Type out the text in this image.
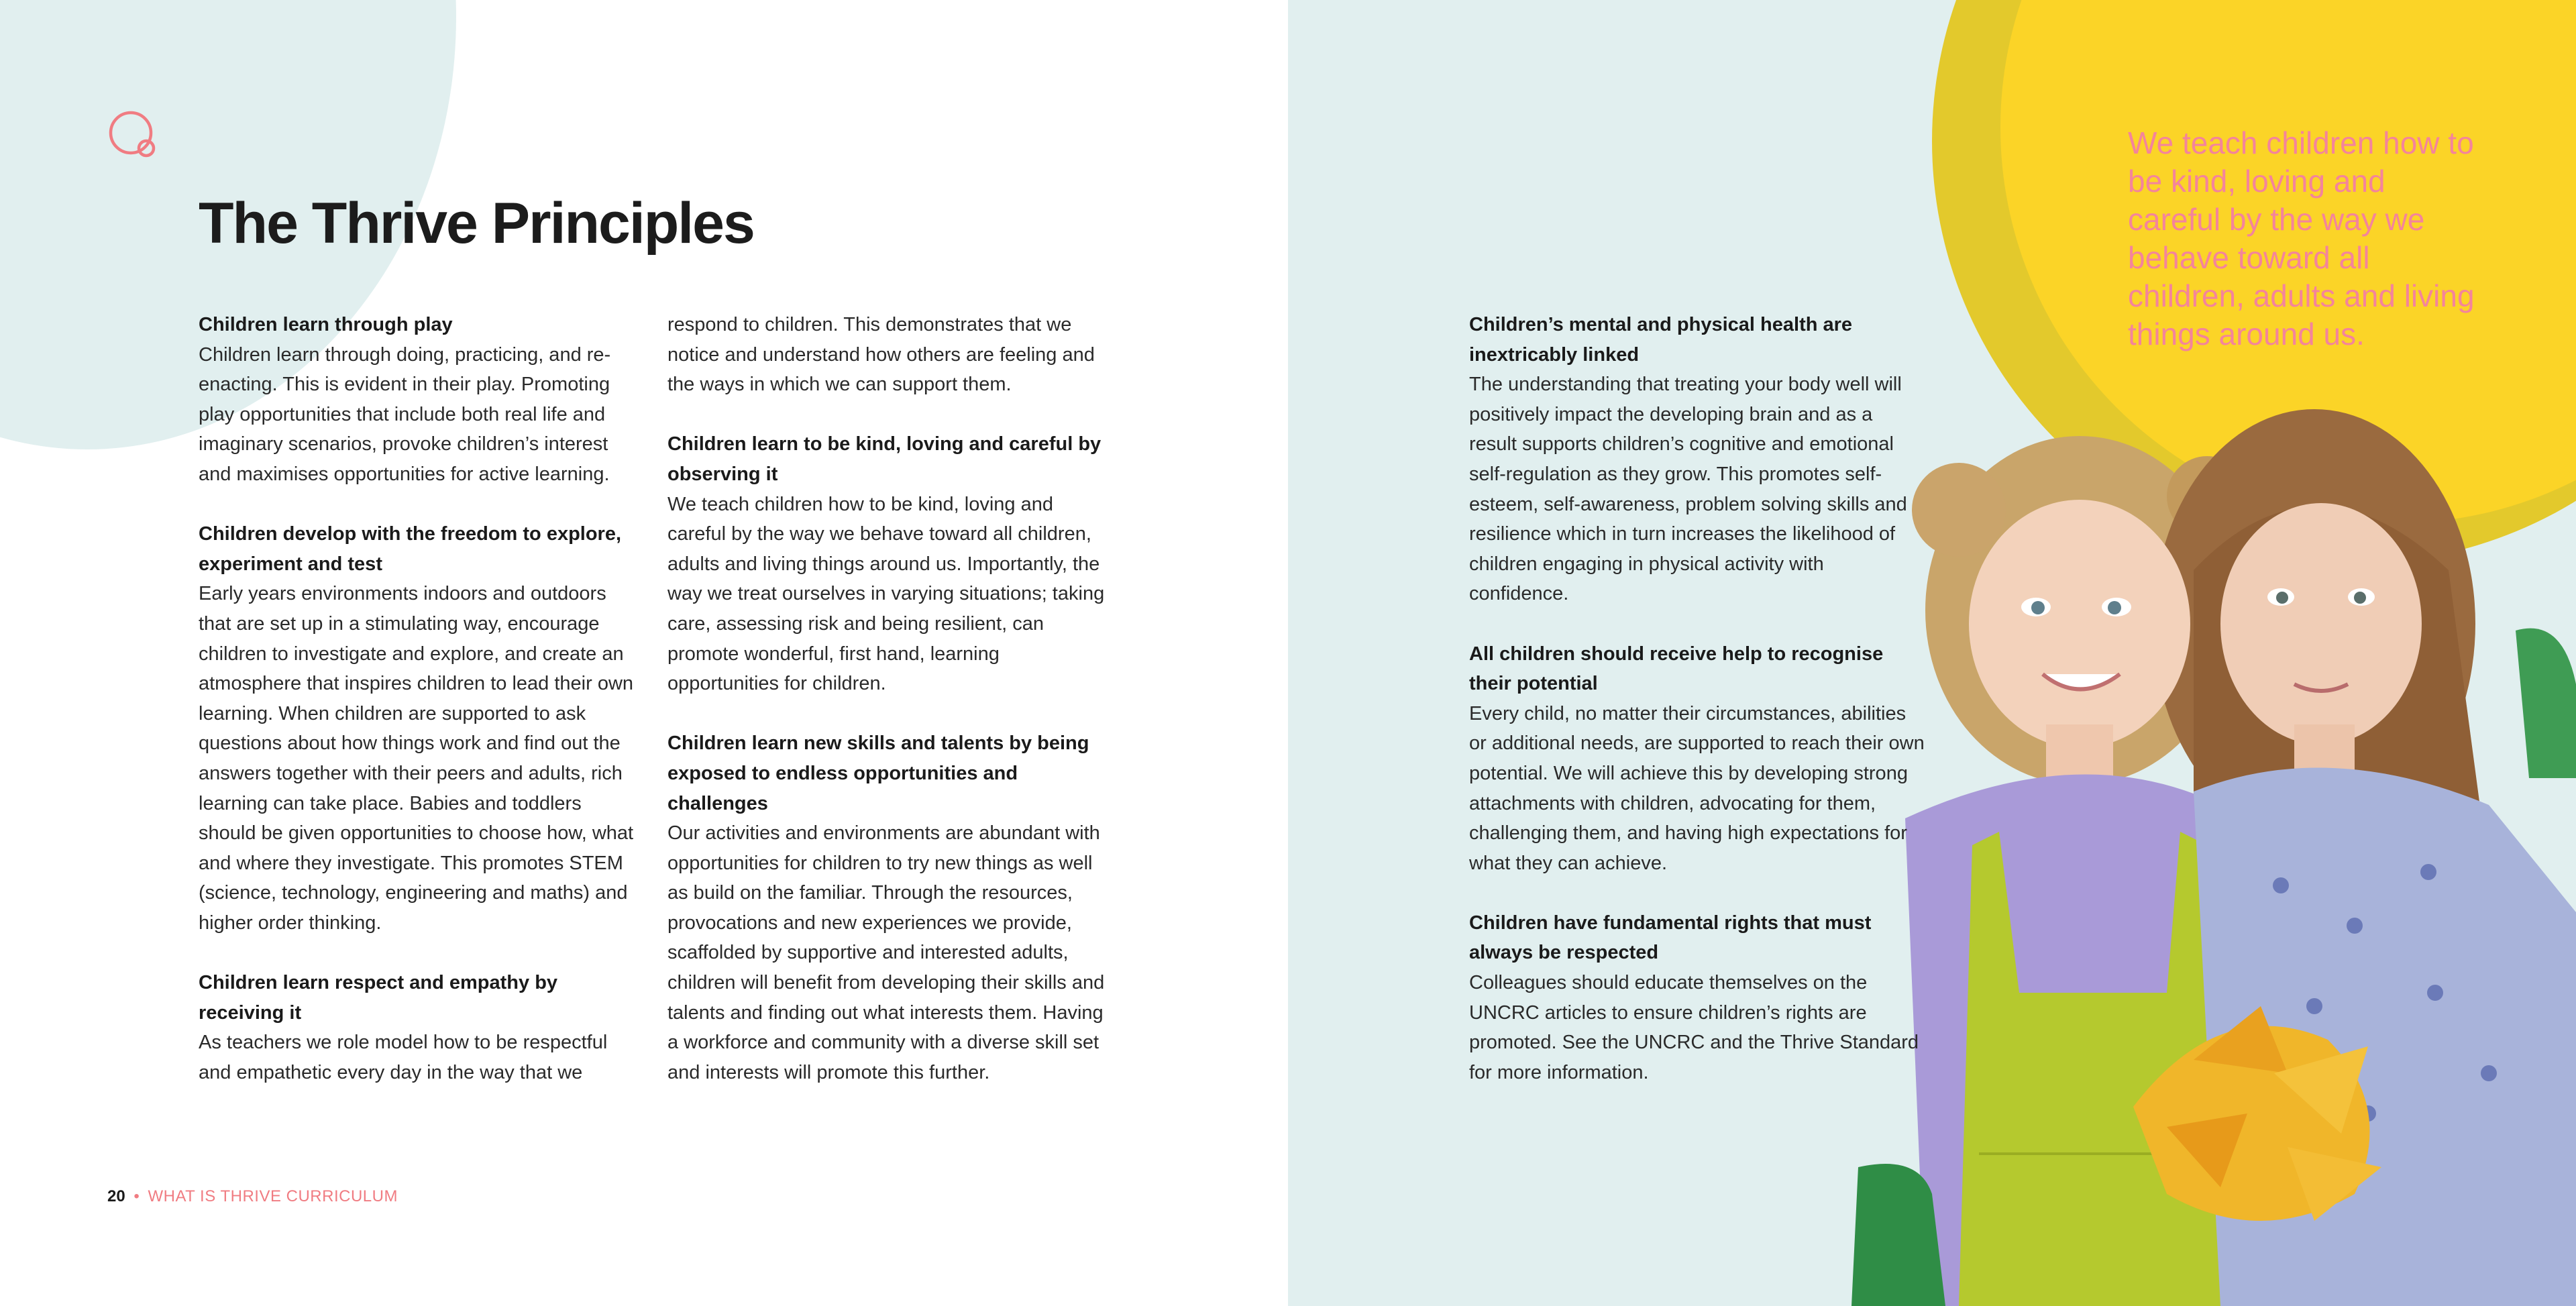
The Thrive Principles
Children learn through play
Children learn through doing, practicing, and re-enacting. This is evident in their play. Promoting play opportunities that include both real life and imaginary scenarios, provoke children’s interest and maximises opportunities for active learning.
Children develop with the freedom to explore, experiment and test
Early years environments indoors and outdoors that are set up in a stimulating way, encourage children to investigate and explore, and create an atmosphere that inspires children to lead their own learning. When children are supported to ask questions about how things work and find out the answers together with their peers and adults, rich learning can take place. Babies and toddlers should be given opportunities to choose how, what and where they investigate. This promotes STEM (science, technology, engineering and maths) and higher order thinking.
Children learn respect and empathy by receiving it
As teachers we role model how to be respectful and empathetic every day in the way that we
respond to children. This demonstrates that we notice and understand how others are feeling and the ways in which we can support them.
Children learn to be kind, loving and careful by observing it
We teach children how to be kind, loving and careful by the way we behave toward all children, adults and living things around us. Importantly, the way we treat ourselves in varying situations; taking care, assessing risk and being resilient, can promote wonderful, first hand, learning opportunities for children.
Children learn new skills and talents by being exposed to endless opportunities and challenges
Our activities and environments are abundant with opportunities for children to try new things as well as build on the familiar. Through the resources, provocations and new experiences we provide, scaffolded by supportive and interested adults, children will benefit from developing their skills and talents and finding out what interests them. Having a workforce and community with a diverse skill set and interests will promote this further.
20 • WHAT IS THRIVE CURRICULUM
We teach children how to be kind, loving and careful by the way we behave toward all children, adults and living things around us.
Children’s mental and physical health are inextricably linked
The understanding that treating your body well will positively impact the developing brain and as a result supports children’s cognitive and emotional self-regulation as they grow. This promotes self-esteem, self-awareness, problem solving skills and resilience which in turn increases the likelihood of children engaging in physical activity with confidence.
All children should receive help to recognise their potential
Every child, no matter their circumstances, abilities or additional needs, are supported to reach their own potential. We will achieve this by developing strong attachments with children, advocating for them, challenging them, and having high expectations for what they can achieve.
Children have fundamental rights that must always be respected
Colleagues should educate themselves on the UNCRC articles to ensure children’s rights are promoted. See the UNCRC and the Thrive Standard for more information.
